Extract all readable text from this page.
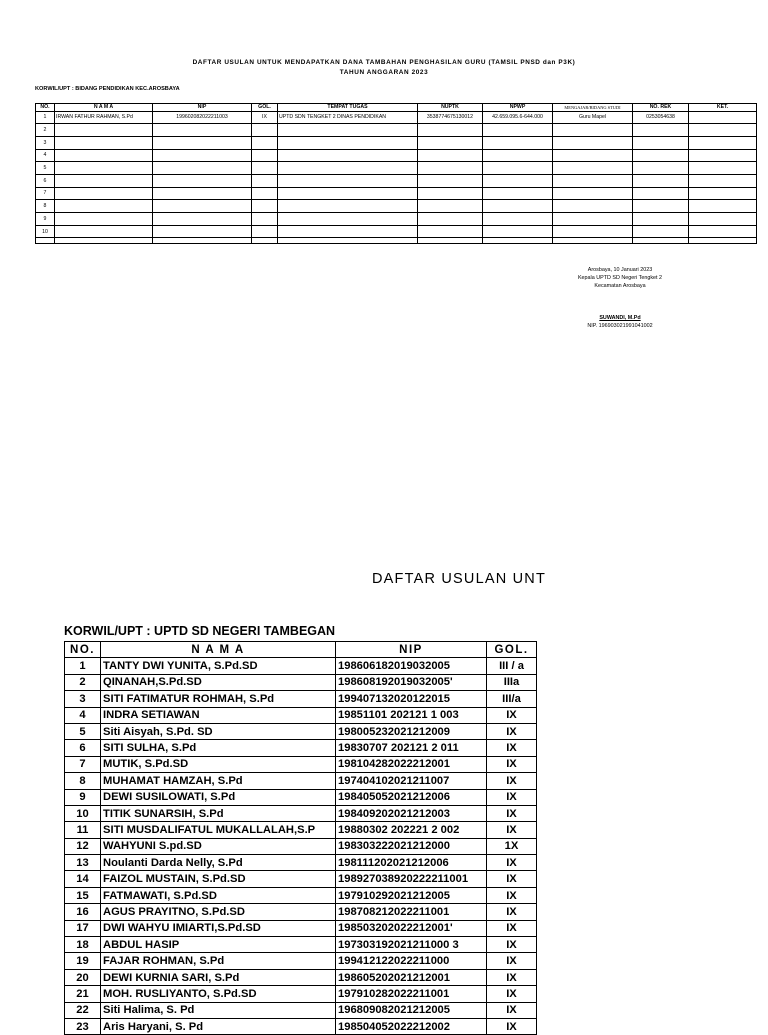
DAFTAR USULAN UNTUK MENDAPATKAN DANA TAMBAHAN PENGHASILAN GURU (TAMSIL PNSD dan P3K)
TAHUN ANGGARAN 2023
KORWIL/UPT : BIDANG PENDIDIKAN KEC.AROSBAYA
NO.	N A M A	NIP	GOL.	TEMPAT TUGAS	NUPTK	NPWP	MENGAJAR/BIDANG STUDI	NO. REK	KET.
1	IRWAN FATHUR RAHMAN, S.Pd	199602082022211003	IX	UPTD SDN TENGKET 2 DINAS PENDIDIKAN	3538774675130012	42.659.095.6-644.000	Guru Mapel	0253054638	
2									
3									
4									
5									
6									
7									
8									
9									
10									

Arosbaya, 10 Januari 2023
Kepala UPTD SD Negeri Tengket 2
Kecamatan Arosbaya
SUWANDI, M.Pd
NIP. 196903021991041002
DAFTAR USULAN UNT
KORWIL/UPT : UPTD SD NEGERI TAMBEGAN
NO.	N A M A	NIP	GOL.
1	TANTY DWI YUNITA, S.Pd.SD	198606182019032005	III / a
2	QINANAH,S.Pd.SD	198608192019032005'	IIIa
3	SITI FATIMATUR ROHMAH, S.Pd	199407132020122015	III/a
4	INDRA SETIAWAN	19851101 202121 1 003	IX
5	Siti Aisyah, S.Pd. SD	198005232021212009	IX
6	SITI SULHA, S.Pd	19830707 202121 2 011	IX
7	MUTIK, S.Pd.SD	198104282022212001	IX
8	MUHAMAT HAMZAH, S.Pd	197404102021211007	IX
9	DEWI SUSILOWATI, S.Pd	198405052021212006	IX
10	TITIK SUNARSIH, S.Pd	198409202021212003	IX
11	SITI MUSDALIFATUL MUKALLALAH,S.P	19880302 202221 2 002	IX
12	WAHYUNI S.pd.SD	198303222021212000	1X
13	Noulanti Darda Nelly, S.Pd	198111202021212006	IX
14	FAIZOL MUSTAIN, S.Pd.SD	198927038920222211001	IX
15	FATMAWATI, S.Pd.SD	197910292021212005	IX
16	AGUS PRAYITNO, S.Pd.SD	198708212022211001	IX
17	DWI WAHYU IMIARTI,S.Pd.SD	198503202022212001'	IX
18	ABDUL HASIP	197303192021211000 3	IX
19	FAJAR ROHMAN, S.Pd	199412122022211000	IX
20	DEWI KURNIA SARI, S.Pd	198605202021212001	IX
21	MOH. RUSLIYANTO, S.Pd.SD	197910282022211001	IX
22	Siti Halima, S. Pd	196809082021212005	IX
23	Aris Haryani, S. Pd	198504052022212002	IX
